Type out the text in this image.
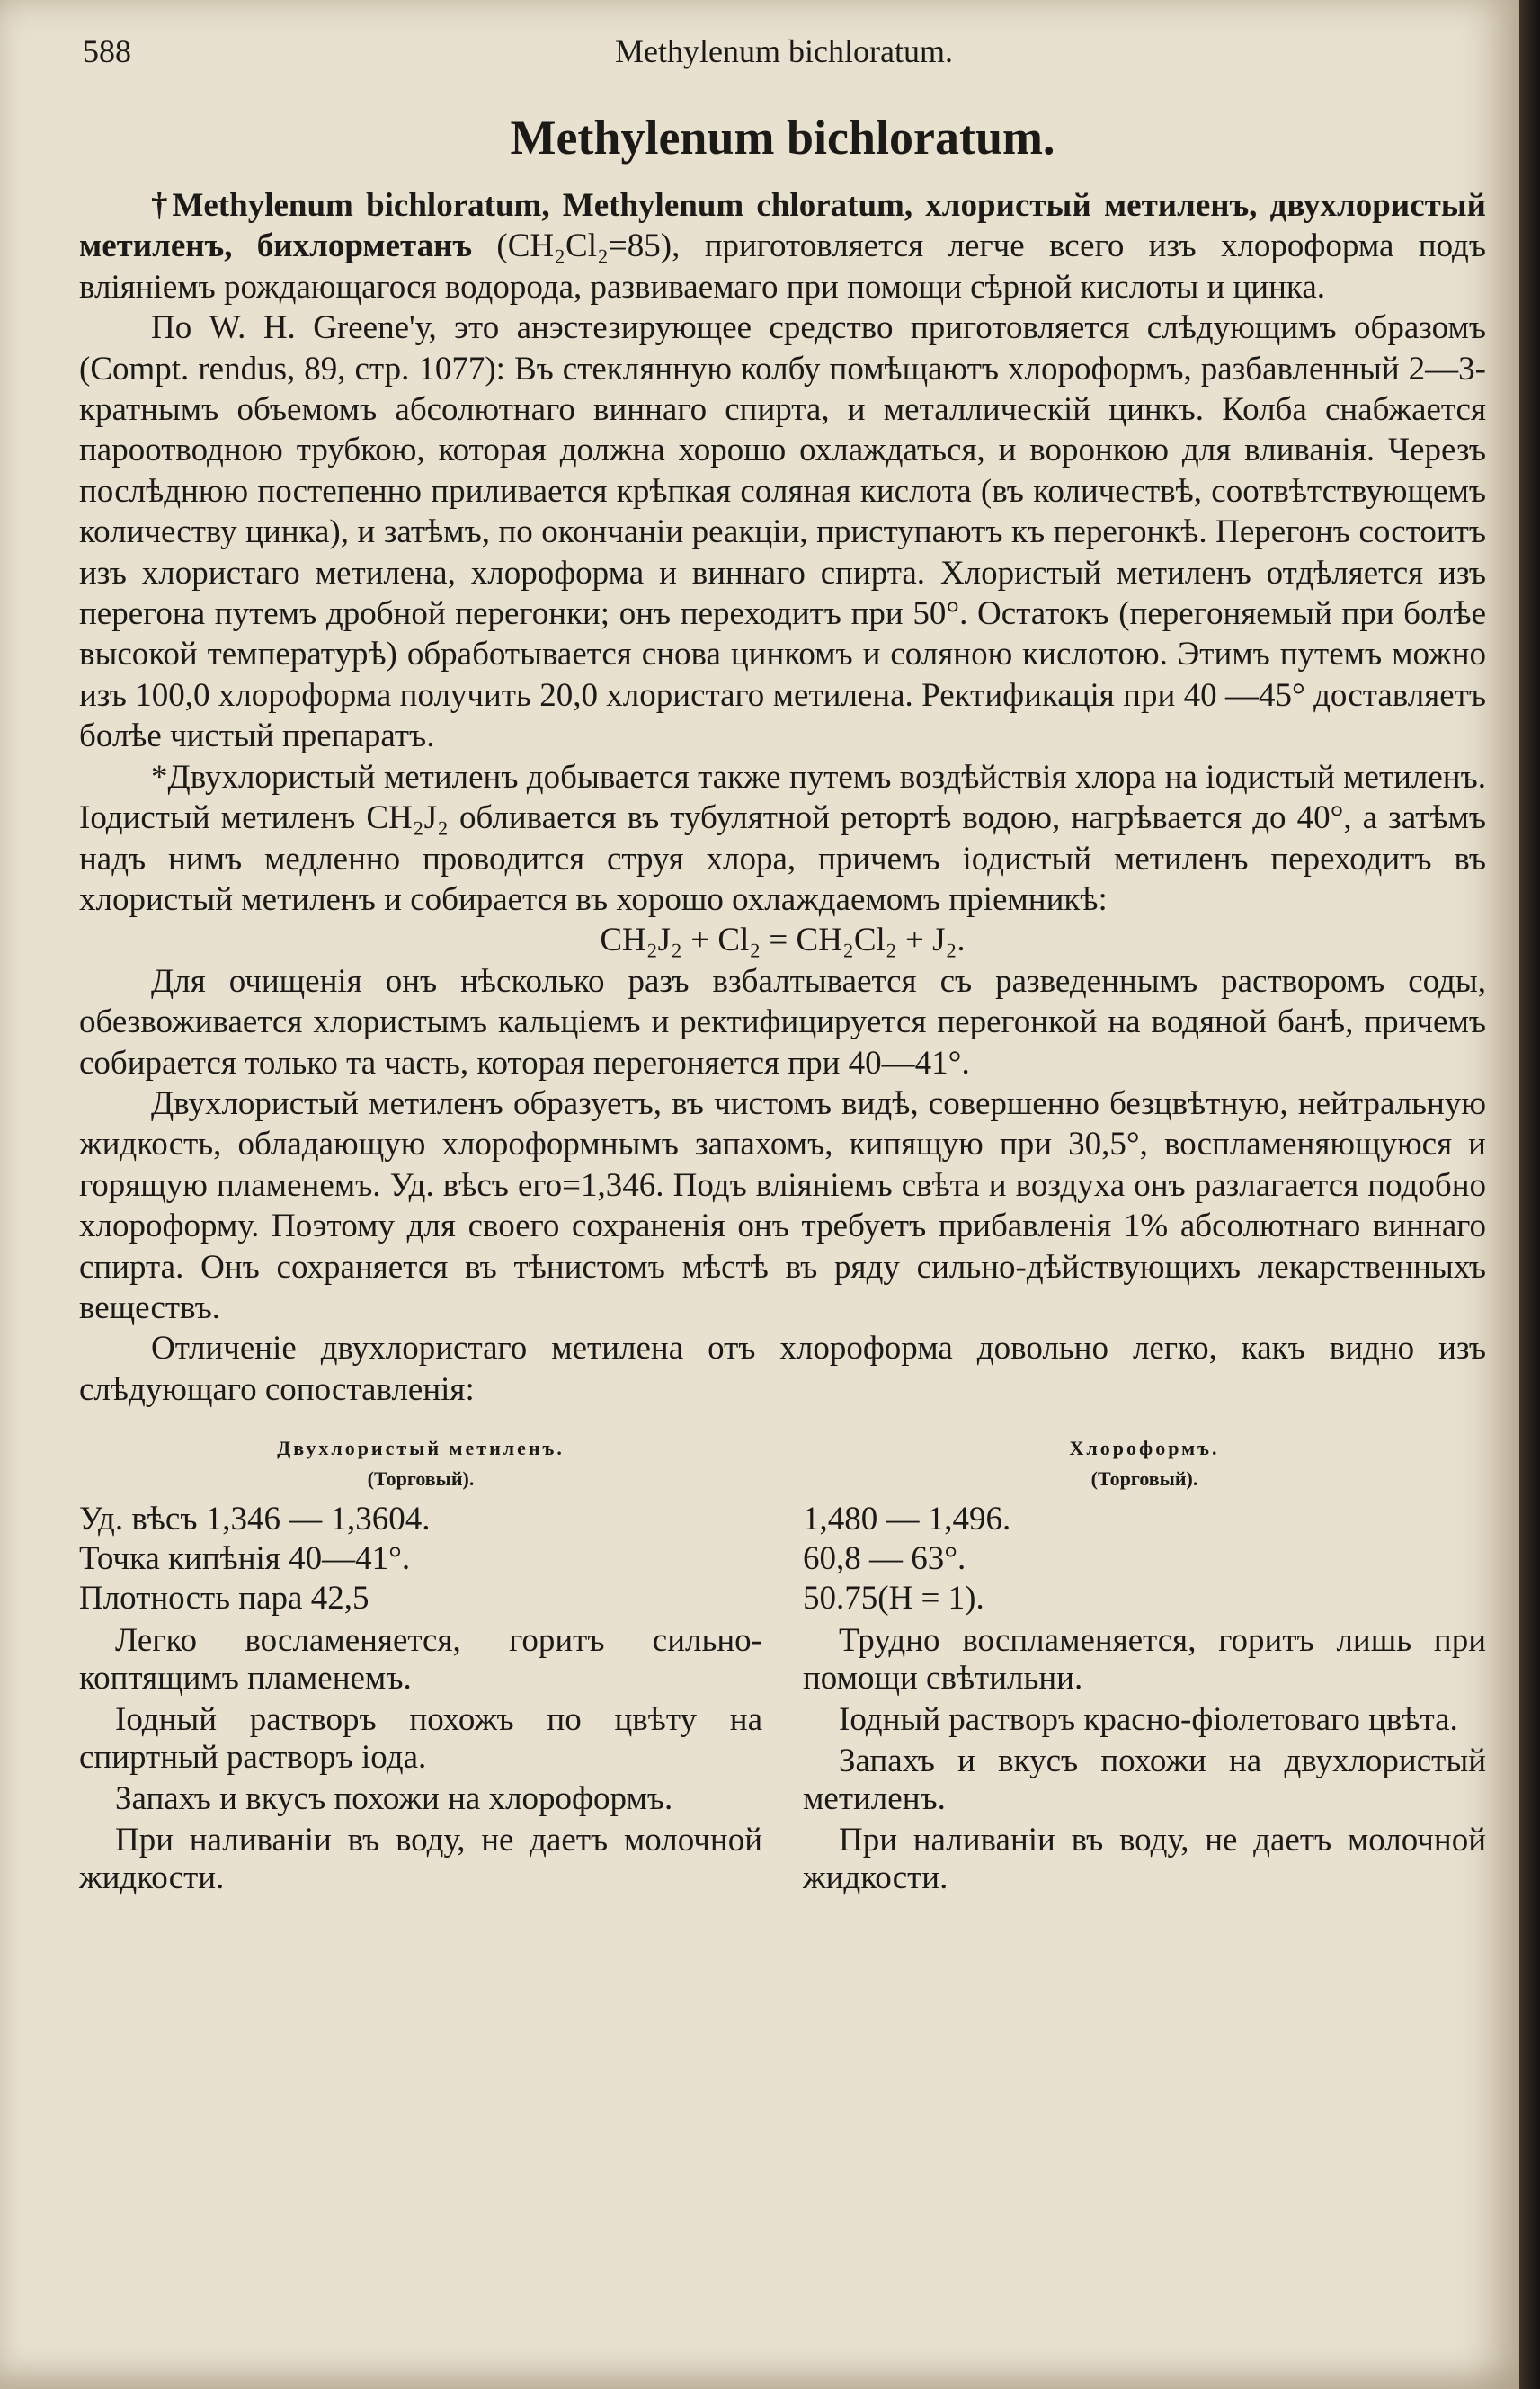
588	Methylenum bichloratum.
Methylenum bichloratum.

†Methylenum bichloratum, Methylenum chloratum, хлористый метиленъ, двухлористый метиленъ, бихлорметанъ (CH₂Cl₂=85), приготовляется легче всего изъ хлороформа подъ вліяніемъ рождающагося водорода, развиваемаго при помощи сѣрной кислоты и цинка.

По W. H. Greene'у, это анэстезирующее средство приготовляется слѣдующимъ образомъ (Compt. rendus, 89, стр. 1077): Въ стеклянную колбу помѣщаютъ хлороформъ, разбавленный 2—3-кратнымъ объемомъ абсолютнаго виннаго спирта, и металлическій цинкъ. Колба снабжается пароотводною трубкою, которая должна хорошо охлаждаться, и воронкою для вливанія. Черезъ послѣднюю постепенно приливается крѣпкая соляная кислота (въ количествѣ, соотвѣтствующемъ количеству цинка), и затѣмъ, по окончаніи реакціи, приступаютъ къ перегонкѣ. Перегонъ состоитъ изъ хлористаго метилена, хлороформа и виннаго спирта. Хлористый метиленъ отдѣляется изъ перегона путемъ дробной перегонки; онъ переходитъ при 50°. Остатокъ (перегоняемый при болѣе высокой температурѣ) обработывается снова цинкомъ и соляною кислотою. Этимъ путемъ можно изъ 100,0 хлороформа получить 20,0 хлористаго метилена. Ректификація при 40 —45° доставляетъ болѣе чистый препаратъ.

*Двухлористый метиленъ добывается также путемъ воздѣйствія хлора на іодистый метиленъ. Іодистый метиленъ CH₂J₂ обливается въ тубулятной ретортѣ водою, нагрѣвается до 40°, а затѣмъ надъ нимъ медленно проводится струя хлора, причемъ іодистый метиленъ переходитъ въ хлористый метиленъ и собирается въ хорошо охлаждаемомъ пріемникѣ:

CH₂J₂ + Cl₂ = CH₂Cl₂ + J₂.

Для очищенія онъ нѣсколько разъ взбалтывается съ разведеннымъ растворомъ соды, обезвоживается хлористымъ кальціемъ и ректифицируется перегонкой на водяной банѣ, причемъ собирается только та часть, которая перегоняется при 40—41°.

Двухлористый метиленъ образуетъ, въ чистомъ видѣ, совершенно безцвѣтную, нейтральную жидкость, обладающую хлороформнымъ запахомъ, кипящую при 30,5°, воспламеняющуюся и горящую пламенемъ. Уд. вѣсъ его=1,346. Подъ вліяніемъ свѣта и воздуха онъ разлагается подобно хлороформу. Поэтому для своего сохраненія онъ требуетъ прибавленія 1% абсолютнаго виннаго спирта. Онъ сохраняется въ тѣнистомъ мѣстѣ въ ряду сильно-дѣйствующихъ лекарственныхъ веществъ.

Отличеніе двухлористаго метилена отъ хлороформа довольно легко, какъ видно изъ слѣдующаго сопоставленія:

Двухлористый метиленъ.
(Торговый).

Уд. вѣсъ 1,346 — 1,3604.

Точка кипѣнія 40—41°.

Плотность пара 42,5

Легко восламеняется, горитъ сильно-коптящимъ пламенемъ.

Іодный растворъ похожъ по цвѣту на спиртный растворъ іода.

Запахъ и вкусъ похожи на хлороформъ.

При наливаніи въ воду, не даетъ молочной жидкости.

Хлороформъ.
(Торговый).

1,480 — 1,496.

60,8 — 63°.

50.75(H = 1).

Трудно воспламеняется, горитъ лишь при помощи свѣтильни.

Іодный растворъ красно-фіолетоваго цвѣта.

Запахъ и вкусъ похожи на двухлористый метиленъ.

При наливаніи въ воду, не даетъ молочной жидкости.
